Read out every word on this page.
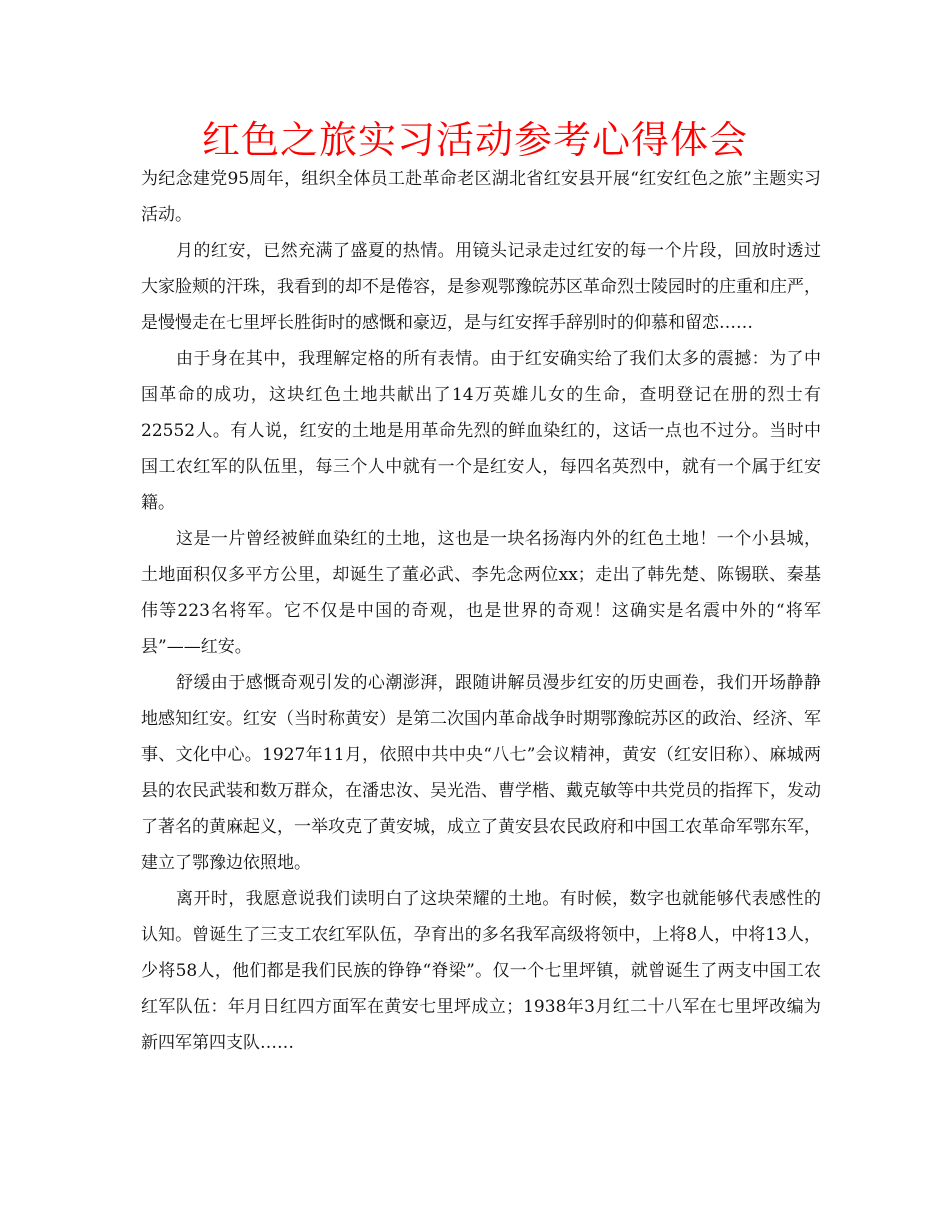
红色之旅实习活动参考心得体会

为纪念建党95周年，组织全体员工赴革命老区湖北省红安县开展“红安红色之旅”主题实习活动。

月的红安，已然充满了盛夏的热情。用镜头记录走过红安的每一个片段，回放时透过大家脸颊的汗珠，我看到的却不是倦容，是参观鄂豫皖苏区革命烈士陵园时的庄重和庄严，是慢慢走在七里坪长胜街时的感慨和豪迈，是与红安挥手辞别时的仰慕和留恋……

由于身在其中，我理解定格的所有表情。由于红安确实给了我们太多的震撼：为了中国革命的成功，这块红色土地共献出了14万英雄儿女的生命，查明登记在册的烈士有22552人。有人说，红安的土地是用革命先烈的鲜血染红的，这话一点也不过分。当时中国工农红军的队伍里，每三个人中就有一个是红安人，每四名英烈中，就有一个属于红安籍。

这是一片曾经被鲜血染红的土地，这也是一块名扬海内外的红色土地！一个小县城，土地面积仅多平方公里，却诞生了董必武、李先念两位xx；走出了韩先楚、陈锡联、秦基伟等223名将军。它不仅是中国的奇观，也是世界的奇观！这确实是名震中外的“将军县”——红安。

舒缓由于感慨奇观引发的心潮澎湃，跟随讲解员漫步红安的历史画卷，我们开场静静地感知红安。红安（当时称黄安）是第二次国内革命战争时期鄂豫皖苏区的政治、经济、军事、文化中心。1927年11月，依照中共中央“八七”会议精神，黄安（红安旧称）、麻城两县的农民武装和数万群众，在潘忠汝、吴光浩、曹学楷、戴克敏等中共党员的指挥下，发动了著名的黄麻起义，一举攻克了黄安城，成立了黄安县农民政府和中国工农革命军鄂东军，建立了鄂豫边依照地。

离开时，我愿意说我们读明白了这块荣耀的土地。有时候，数字也就能够代表感性的认知。曾诞生了三支工农红军队伍，孕育出的多名我军高级将领中，上将8人，中将13人，少将58人，他们都是我们民族的铮铮“脊梁”。仅一个七里坪镇，就曾诞生了两支中国工农红军队伍：年月日红四方面军在黄安七里坪成立；1938年3月红二十八军在七里坪改编为新四军第四支队……
